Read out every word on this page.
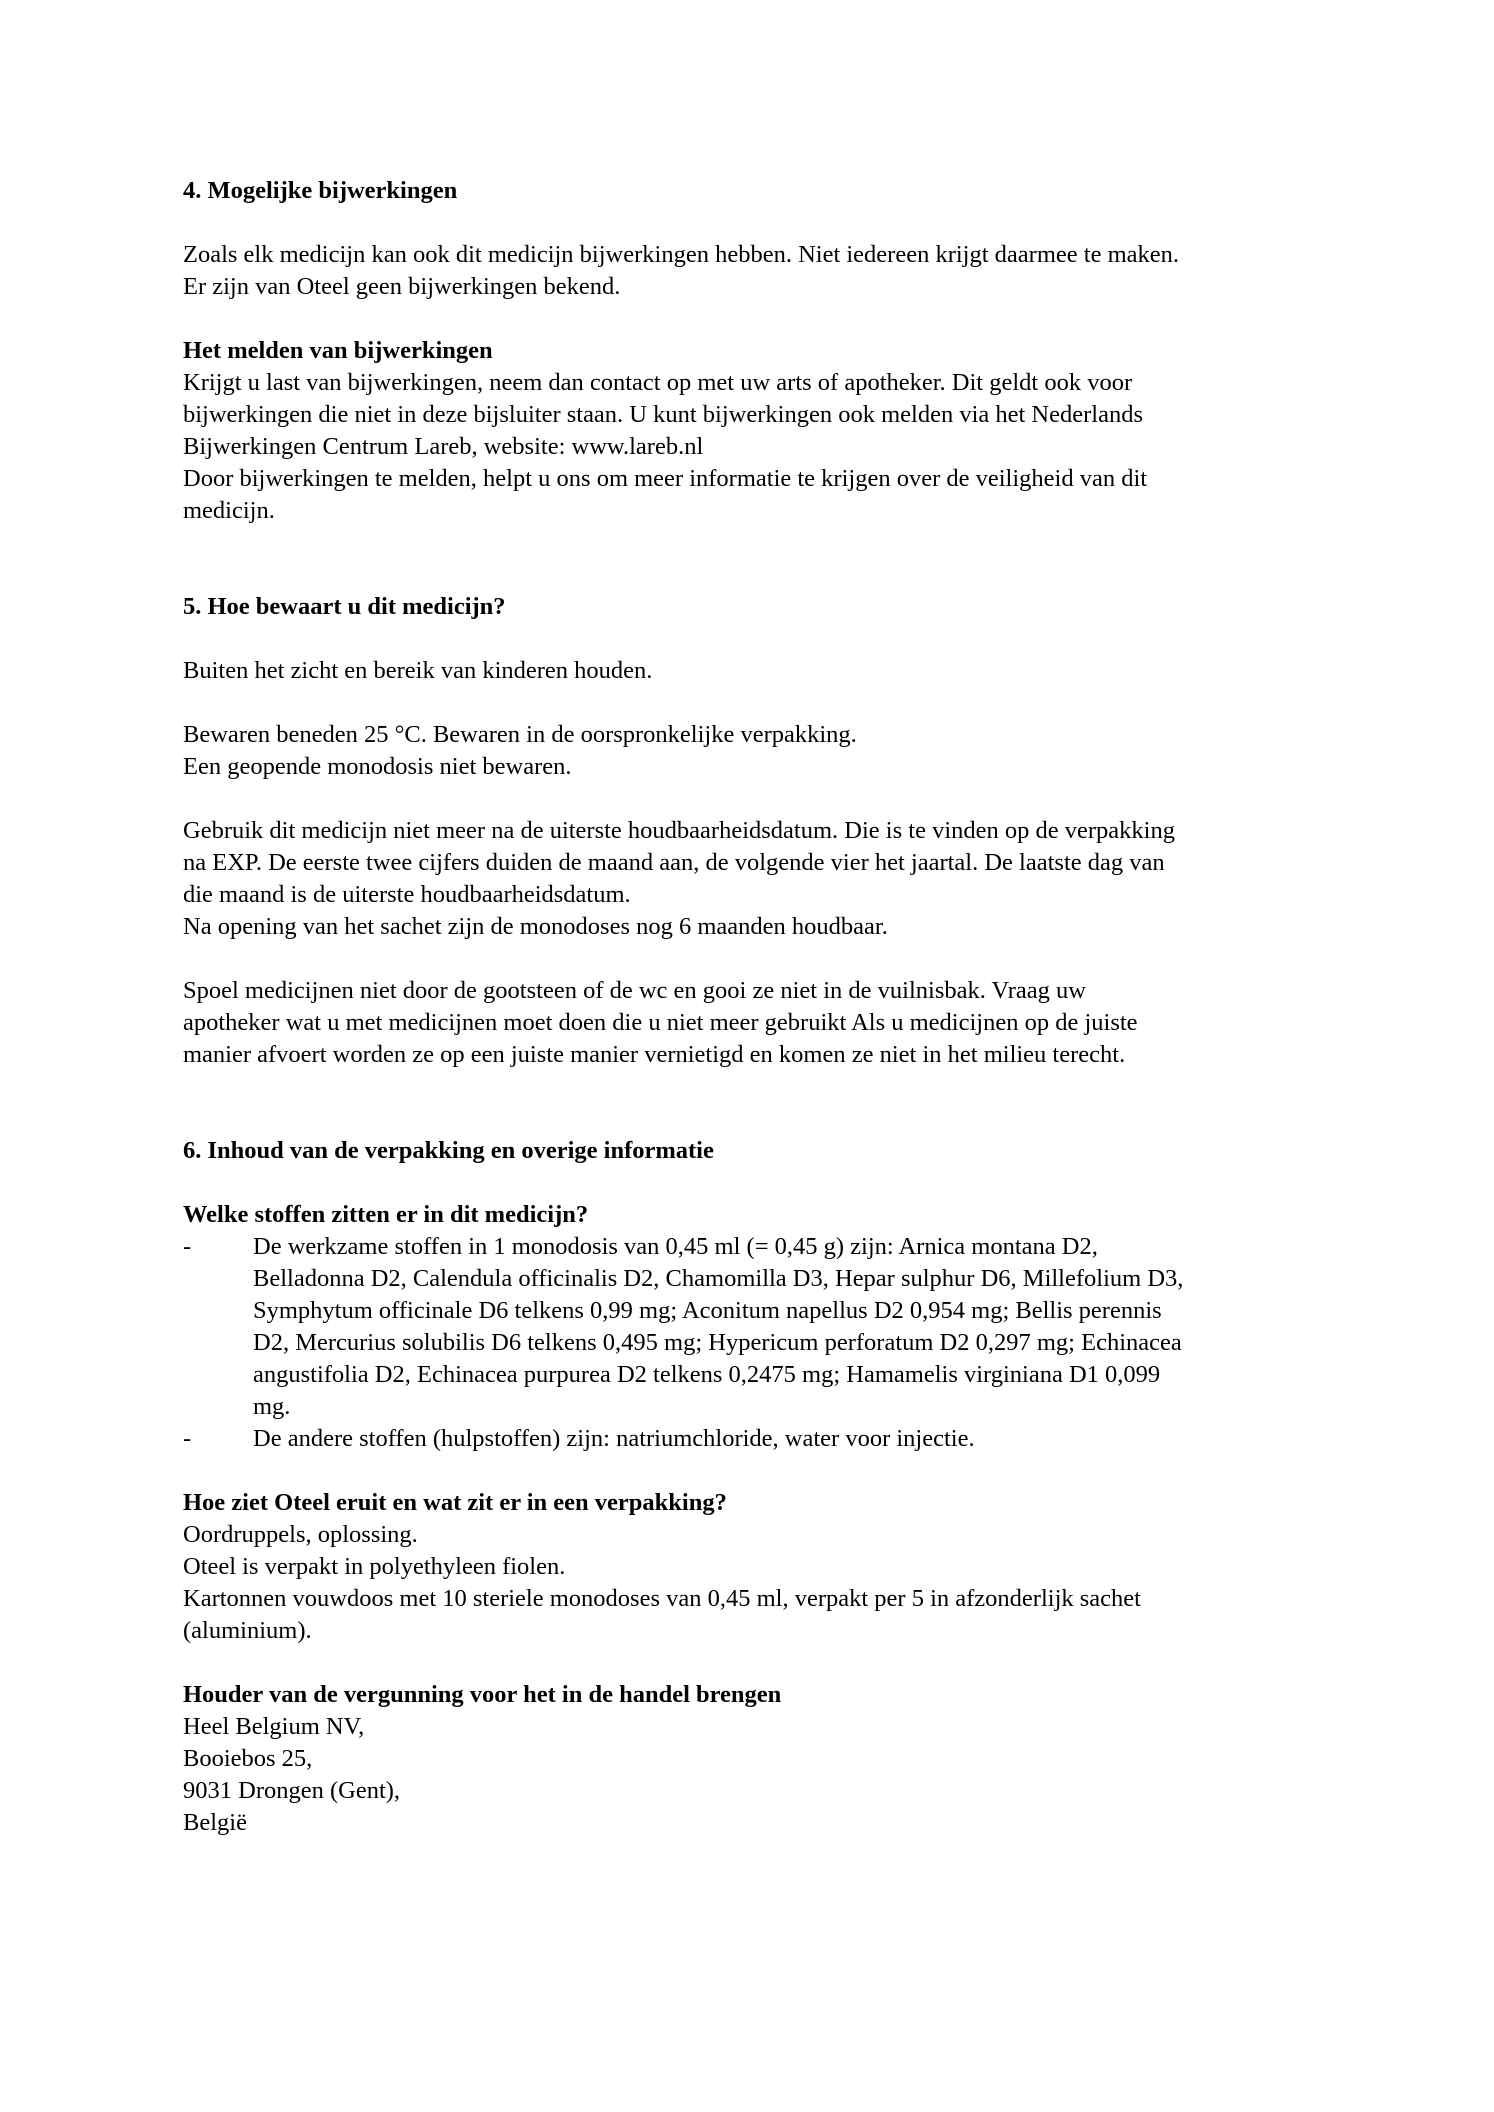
4. Mogelijke bijwerkingen

Zoals elk medicijn kan ook dit medicijn bijwerkingen hebben. Niet iedereen krijgt daarmee te maken.
Er zijn van Oteel geen bijwerkingen bekend.

Het melden van bijwerkingen

Krijgt u last van bijwerkingen, neem dan contact op met uw arts of apotheker. Dit geldt ook voor
bijwerkingen die niet in deze bijsluiter staan. U kunt bijwerkingen ook melden via het Nederlands
Bijwerkingen Centrum Lareb, website: www.lareb.nl
Door bijwerkingen te melden, helpt u ons om meer informatie te krijgen over de veiligheid van dit
medicijn.

5. Hoe bewaart u dit medicijn?

Buiten het zicht en bereik van kinderen houden.

Bewaren beneden 25 °C. Bewaren in de oorspronkelijke verpakking.
Een geopende monodosis niet bewaren.

Gebruik dit medicijn niet meer na de uiterste houdbaarheidsdatum. Die is te vinden op de verpakking
na EXP. De eerste twee cijfers duiden de maand aan, de volgende vier het jaartal. De laatste dag van
die maand is de uiterste houdbaarheidsdatum.
Na opening van het sachet zijn de monodoses nog 6 maanden houdbaar.

Spoel medicijnen niet door de gootsteen of de wc en gooi ze niet in de vuilnisbak. Vraag uw
apotheker wat u met medicijnen moet doen die u niet meer gebruikt Als u medicijnen op de juiste
manier afvoert worden ze op een juiste manier vernietigd en komen ze niet in het milieu terecht.

6. Inhoud van de verpakking en overige informatie
Welke stoffen zitten er in dit medicijn?
-	De werkzame stoffen in 1 monodosis van 0,45 ml (= 0,45 g) zijn: Arnica montana D2,
Belladonna D2, Calendula officinalis D2, Chamomilla D3, Hepar sulphur D6, Millefolium D3,
Symphytum officinale D6 telkens 0,99 mg; Aconitum napellus D2 0,954 mg; Bellis perennis
D2, Mercurius solubilis D6 telkens 0,495 mg; Hypericum perforatum D2 0,297 mg; Echinacea
angustifolia D2, Echinacea purpurea D2 telkens 0,2475 mg; Hamamelis virginiana D1 0,099
mg.
-	De andere stoffen (hulpstoffen) zijn: natriumchloride, water voor injectie.
Hoe ziet Oteel eruit en wat zit er in een verpakking?

Oordruppels, oplossing.
Oteel is verpakt in polyethyleen fiolen.
Kartonnen vouwdoos met 10 steriele monodoses van 0,45 ml, verpakt per 5 in afzonderlijk sachet
(aluminium).

Houder van de vergunning voor het in de handel brengen

Heel Belgium NV,
Booiebos 25,
9031 Drongen (Gent),
België
